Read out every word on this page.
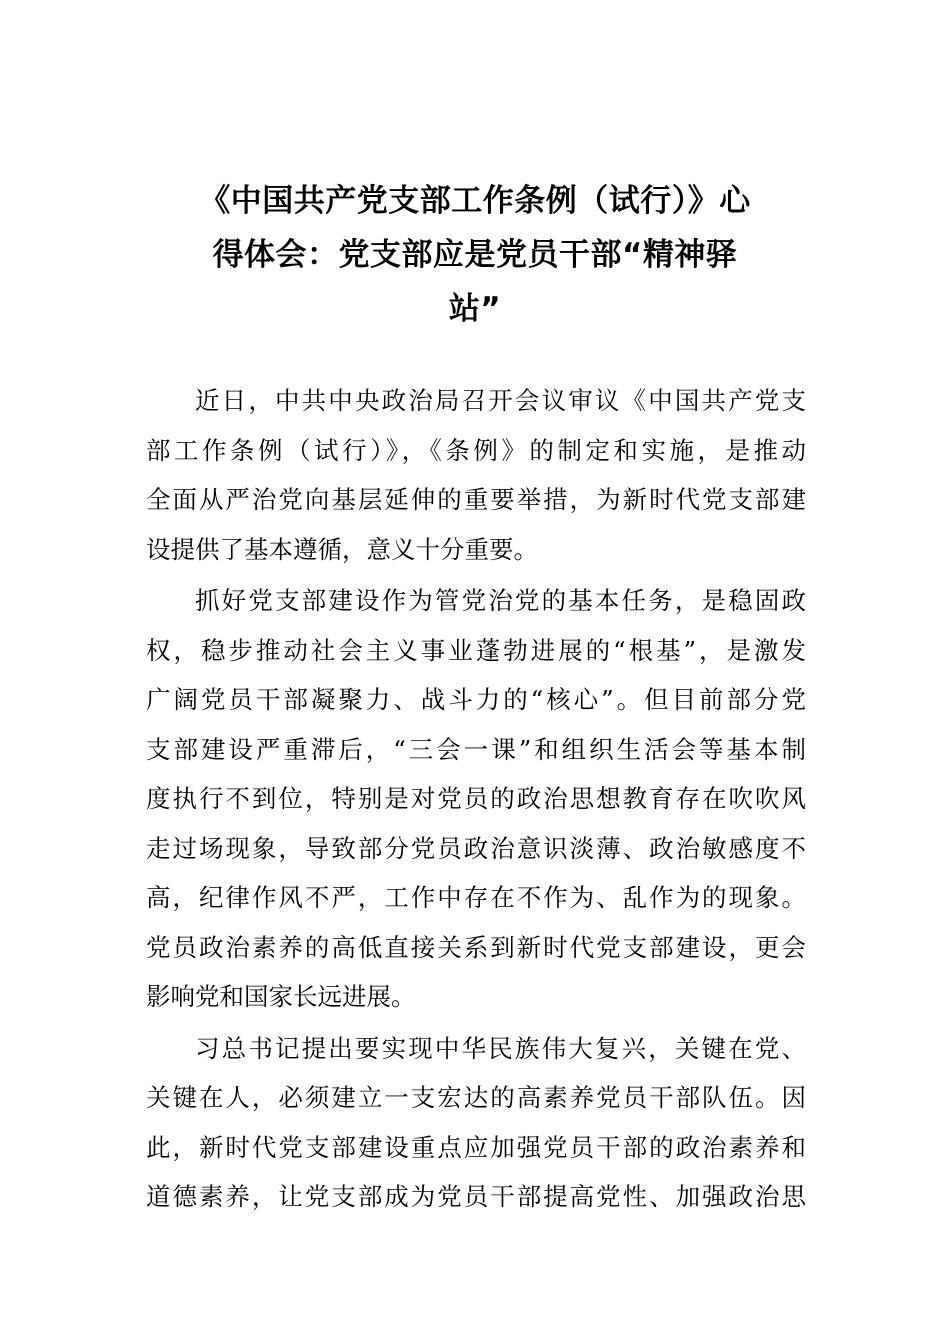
《中国共产党支部工作条例（试行）》心
得体会：党支部应是党员干部“精神驿
站”

近日，中共中央政治局召开会议审议《中国共产党支
部工作条例（试行）》，《条例》的制定和实施，是推动
全面从严治党向基层延伸的重要举措，为新时代党支部建
设提供了基本遵循，意义十分重要。

抓好党支部建设作为管党治党的基本任务，是稳固政
权，稳步推动社会主义事业蓬勃进展的“根基”，是激发
广阔党员干部凝聚力、战斗力的“核心”。但目前部分党
支部建设严重滞后，“三会一课”和组织生活会等基本制
度执行不到位，特别是对党员的政治思想教育存在吹吹风
走过场现象，导致部分党员政治意识淡薄、政治敏感度不
高，纪律作风不严，工作中存在不作为、乱作为的现象。
党员政治素养的高低直接关系到新时代党支部建设，更会
影响党和国家长远进展。

习总书记提出要实现中华民族伟大复兴，关键在党、
关键在人，必须建立一支宏达的高素养党员干部队伍。因
此，新时代党支部建设重点应加强党员干部的政治素养和
道德素养，让党支部成为党员干部提高党性、加强政治思
